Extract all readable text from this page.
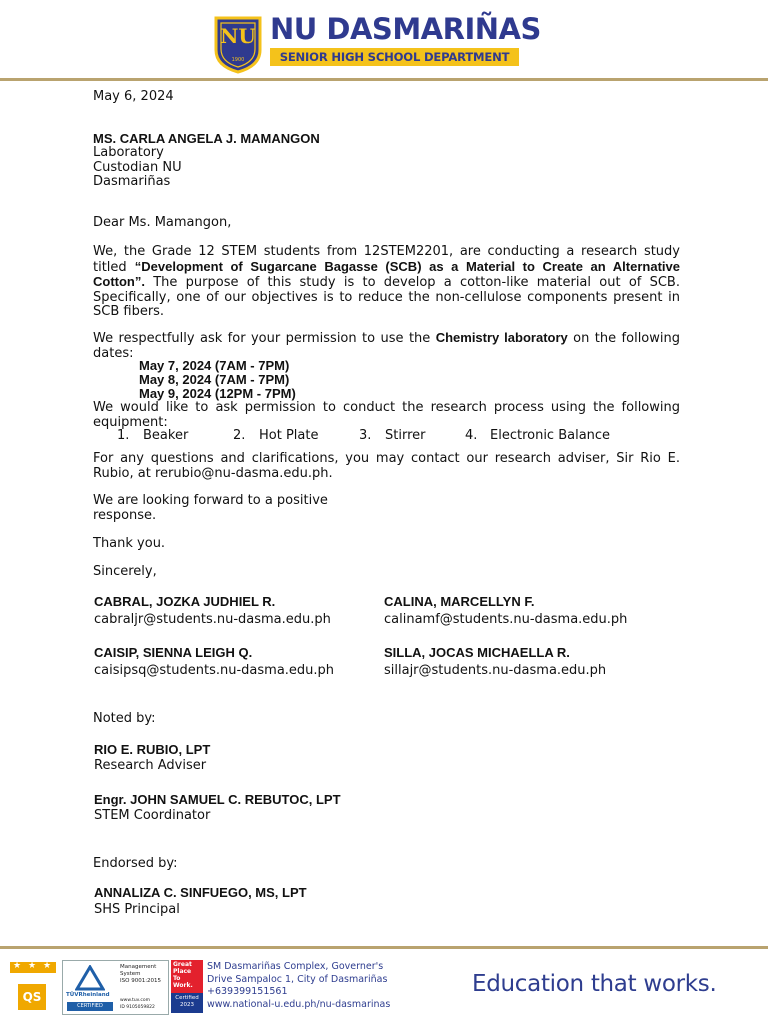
NU
1900
NU DASMARIÑAS
SENIOR HIGH SCHOOL DEPARTMENT
May 6, 2024
MS. CARLA ANGELA J. MAMANGON
Laboratory
Custodian NU
Dasmariñas
Dear Ms. Mamangon,
We, the Grade 12 STEM students from 12STEM2201, are conducting a research study
titled “Development of Sugarcane Bagasse (SCB) as a Material to Create an Alternative
Cotton”. The purpose of this study is to develop a cotton-like material out of SCB.
Specifically, one of our objectives is to reduce the non-cellulose components present in
SCB fibers.
We respectfully ask for your permission to use the Chemistry laboratory on the following
dates:
May 7, 2024 (7AM - 7PM)
May 8, 2024 (7AM - 7PM)
May 9, 2024 (12PM - 7PM)
We would like to ask permission to conduct the research process using the following
equipment:
1. Beaker	2. Hot Plate	3. Stirrer	4. Electronic Balance
For any questions and clarifications, you may contact our research adviser, Sir Rio E.
Rubio, at rerubio@nu-dasma.edu.ph.
We are looking forward to a positive
response.
Thank you.
Sincerely,
CABRAL, JOZKA JUDHIEL R.
cabraljr@students.nu-dasma.edu.ph
CALINA, MARCELLYN F.
calinamf@students.nu-dasma.edu.ph
CAISIP, SIENNA LEIGH Q.
caisipsq@students.nu-dasma.edu.ph
SILLA, JOCAS MICHAELLA R.
sillajr@students.nu-dasma.edu.ph
Noted by:
RIO E. RUBIO, LPT
Research Adviser
Engr. JOHN SAMUEL C. REBUTOC, LPT
STEM Coordinator
Endorsed by:
ANNALIZA C. SINFUEGO, MS, LPT
SHS Principal
★ ★ ★
QS	TÜVRheinland
CERTIFIED
Management
System
ISO 9001:2015
www.tuv.com
ID 9105059822
Great
Place
To
Work.
Certified
2023
SM Dasmariñas Complex, Governer's
Drive Sampaloc 1, City of Dasmariñas
+639399151561
www.national-u.edu.ph/nu-dasmarinas
Education that works.
